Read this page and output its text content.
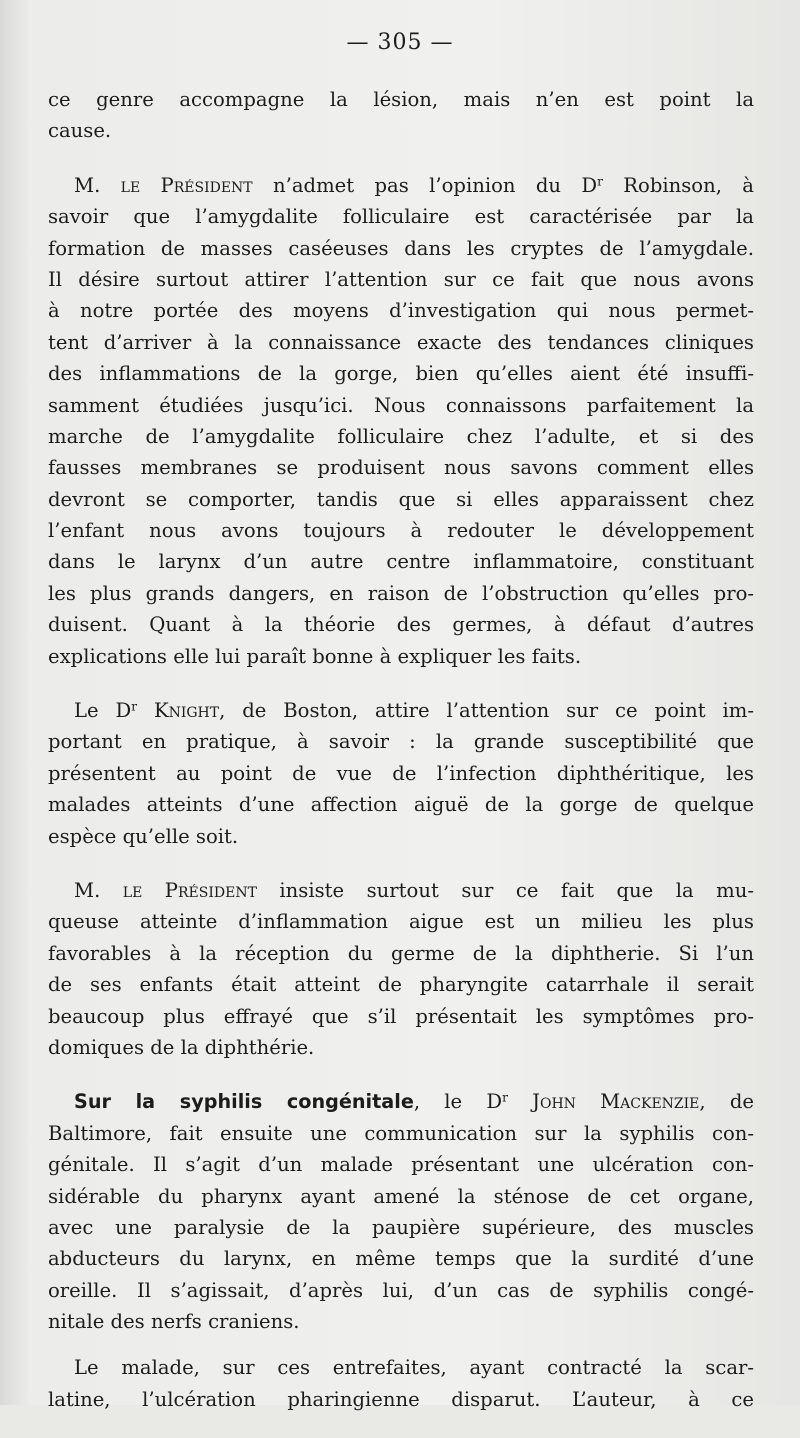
— 305 —
ce genre accompagne la lésion, mais n’en est point la
cause.
M. le Président n’admet pas l’opinion du $D^r$ Robinson, à
savoir que l’amygdalite folliculaire est caractérisée par la
formation de masses caséeuses dans les cryptes de l’amygdale.
Il désire surtout attirer l’attention sur ce fait que nous avons
à notre portée des moyens d’investigation qui nous permet-
tent d’arriver à la connaissance exacte des tendances cliniques
des inflammations de la gorge, bien qu’elles aient été insuffi-
samment étudiées jusqu’ici. Nous connaissons parfaitement la
marche de l’amygdalite folliculaire chez l’adulte, et si des
fausses membranes se produisent nous savons comment elles
devront se comporter, tandis que si elles apparaissent chez
l’enfant nous avons toujours à redouter le développement
dans le larynx d’un autre centre inflammatoire, constituant
les plus grands dangers, en raison de l’obstruction qu’elles pro-
duisent. Quant à la théorie des germes, à défaut d’autres
explications elle lui paraît bonne à expliquer les faits.
Le $D^r$ Knight, de Boston, attire l’attention sur ce point im-
portant en pratique, à savoir : la grande susceptibilité que
présentent au point de vue de l’infection diphthéritique, les
malades atteints d’une affection aiguë de la gorge de quelque
espèce qu’elle soit.
M. le Président insiste surtout sur ce fait que la mu-
queuse atteinte d’inflammation aigue est un milieu les plus
favorables à la réception du germe de la diphtherie. Si l’un
de ses enfants était atteint de pharyngite catarrhale il serait
beaucoup plus effrayé que s’il présentait les symptômes pro-
domiques de la diphthérie.
Sur la syphilis congénitale, le $D^r$ John Mackenzie, de
Baltimore, fait ensuite une communication sur la syphilis con-
génitale. Il s’agit d’un malade présentant une ulcération con-
sidérable du pharynx ayant amené la sténose de cet organe,
avec une paralysie de la paupière supérieure, des muscles
abducteurs du larynx, en même temps que la surdité d’une
oreille. Il s’agissait, d’après lui, d’un cas de syphilis congé-
nitale des nerfs craniens.
Le malade, sur ces entrefaites, ayant contracté la scar-
latine, l’ulcération pharingienne disparut. L’auteur, à ce
